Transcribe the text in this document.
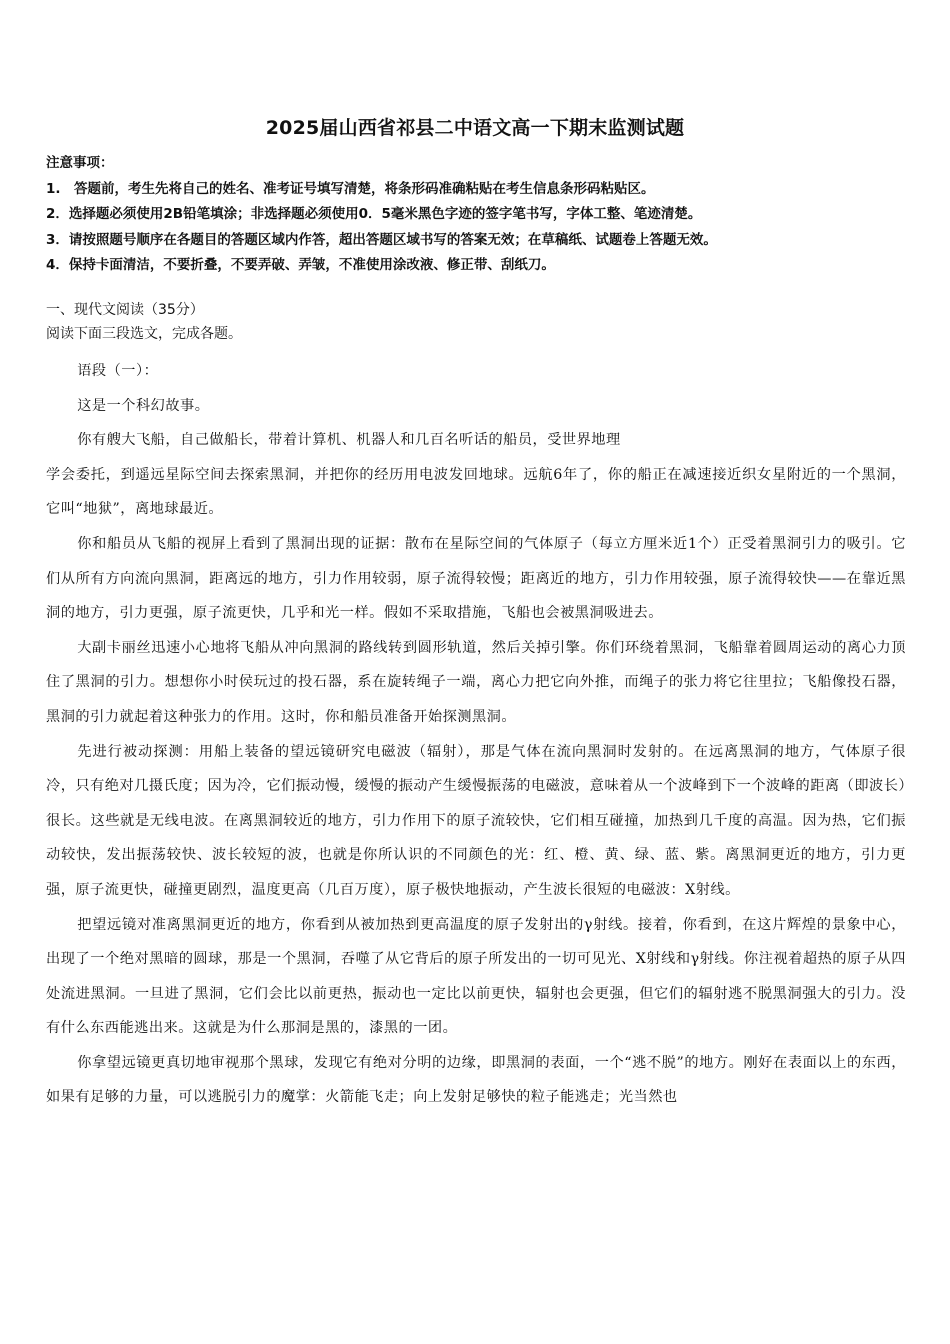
2025届山西省祁县二中语文高一下期末监测试题
注意事项：
1.　答题前，考生先将自己的姓名、准考证号填写清楚，将条形码准确粘贴在考生信息条形码粘贴区。
2．选择题必须使用2B铅笔填涂；非选择题必须使用0．5毫米黑色字迹的签字笔书写，字体工整、笔迹清楚。
3．请按照题号顺序在各题目的答题区域内作答，超出答题区域书写的答案无效；在草稿纸、试题卷上答题无效。
4．保持卡面清洁，不要折叠，不要弄破、弄皱，不准使用涂改液、修正带、刮纸刀。
一、现代文阅读（35分）
阅读下面三段选文，完成各题。

语段（一）：

这是一个科幻故事。

你有艘大飞船，自己做船长，带着计算机、机器人和几百名听话的船员，受世界地理

学会委托，到遥远星际空间去探索黑洞，并把你的经历用电波发回地球。远航6年了，你的船正在减速接近织女星附近的一个黑洞，它叫“地狱”，离地球最近。

你和船员从飞船的视屏上看到了黑洞出现的证据：散布在星际空间的气体原子（每立方厘米近1个）正受着黑洞引力的吸引。它们从所有方向流向黑洞，距离远的地方，引力作用较弱，原子流得较慢；距离近的地方，引力作用较强，原子流得较快——在靠近黑洞的地方，引力更强，原子流更快，几乎和光一样。假如不采取措施，飞船也会被黑洞吸进去。

大副卡丽丝迅速小心地将飞船从冲向黑洞的路线转到圆形轨道，然后关掉引擎。你们环绕着黑洞，飞船靠着圆周运动的离心力顶住了黑洞的引力。想想你小时侯玩过的投石器，系在旋转绳子一端，离心力把它向外推，而绳子的张力将它往里拉；飞船像投石器，黑洞的引力就起着这种张力的作用。这时，你和船员准备开始探测黑洞。

先进行被动探测：用船上装备的望远镜研究电磁波（辐射），那是气体在流向黑洞时发射的。在远离黑洞的地方，气体原子很冷，只有绝对几摄氏度；因为冷，它们振动慢，缓慢的振动产生缓慢振荡的电磁波，意味着从一个波峰到下一个波峰的距离（即波长）很长。这些就是无线电波。在离黑洞较近的地方，引力作用下的原子流较快，它们相互碰撞，加热到几千度的高温。因为热，它们振动较快，发出振荡较快、波长较短的波，也就是你所认识的不同颜色的光：红、橙、黄、绿、蓝、紫。离黑洞更近的地方，引力更强，原子流更快，碰撞更剧烈，温度更高（几百万度），原子极快地振动，产生波长很短的电磁波：X射线。

把望远镜对准离黑洞更近的地方，你看到从被加热到更高温度的原子发射出的γ射线。接着，你看到，在这片辉煌的景象中心，出现了一个绝对黑暗的圆球，那是一个黑洞，吞噬了从它背后的原子所发出的一切可见光、X射线和γ射线。你注视着超热的原子从四处流进黑洞。一旦进了黑洞，它们会比以前更热，振动也一定比以前更快，辐射也会更强，但它们的辐射逃不脱黑洞强大的引力。没有什么东西能逃出来。这就是为什么那洞是黑的，漆黑的一团。

你拿望远镜更真切地审视那个黑球，发现它有绝对分明的边缘，即黑洞的表面，一个“逃不脱”的地方。刚好在表面以上的东西，如果有足够的力量，可以逃脱引力的魔掌：火箭能飞走；向上发射足够快的粒子能逃走；光当然也
